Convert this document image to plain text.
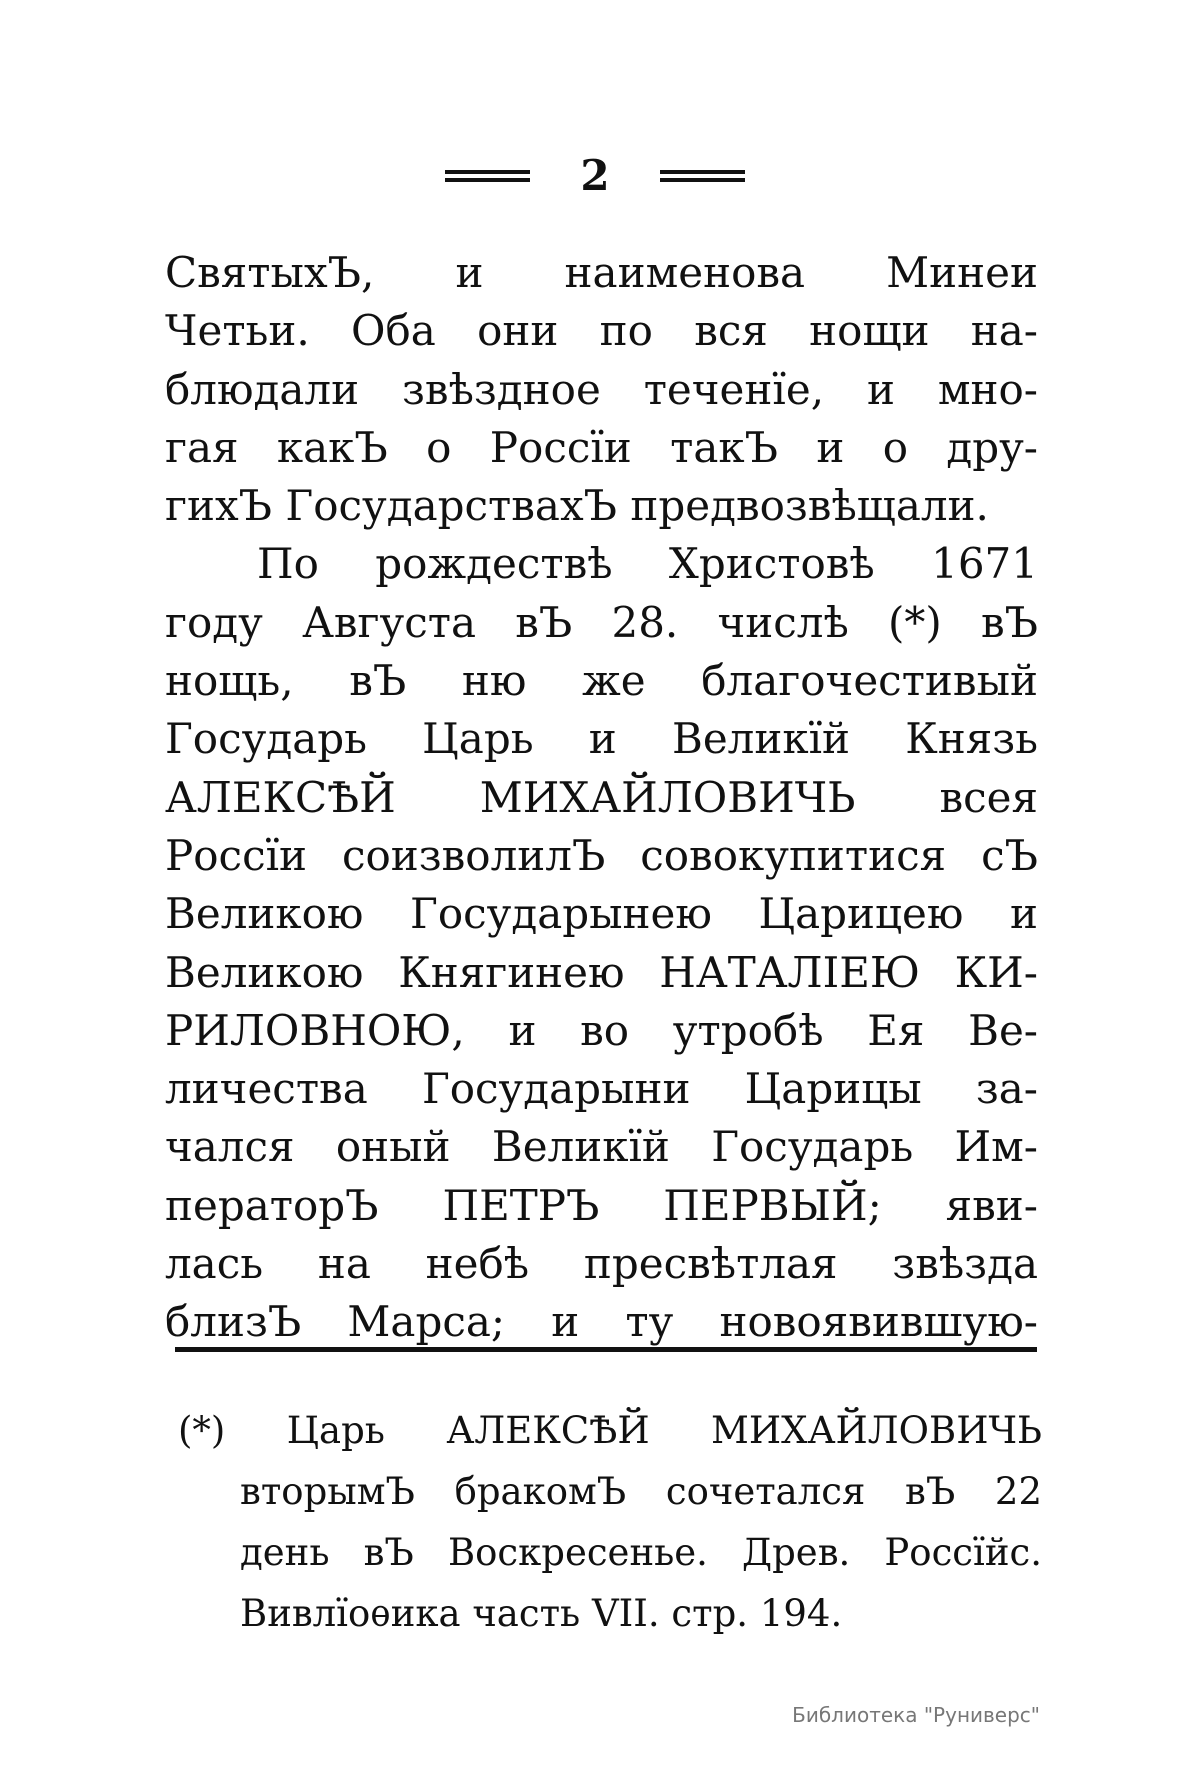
2
СвятыхЪ, и наименова Минеи
Четьи. Оба они по вся нощи на-
блюдали звѣздное теченїе, и мно-
гая какЪ о Россїи такЪ и о дру-
гихЪ ГосударствахЪ предвозвѣщали.
По рождествѣ Христовѣ 1671
году Августа вЪ 28. числѣ (*) вЪ
нощь, вЪ ню же благочестивый
Государь Царь и Великїй Князь
АЛЕКСѢЙ МИХАЙЛОВИЧЬ всея
Россїи соизволилЪ совокупитися сЪ
Великою Государынею Царицею и
Великою Княгинею НАТАЛІЕЮ КИ-
РИЛОВНОЮ, и во утробѣ Ея Ве-
личества Государыни Царицы за-
чался оный Великїй Государь Им-
ператорЪ ПЕТРЪ ПЕРВЫЙ; яви-
лась на небѣ пресвѣтлая звѣзда
близЪ Марса; и ту новоявившую-
(*) Царь АЛЕКСѢЙ МИХАЙЛОВИЧЬ
вторымЪ бракомЪ сочетался вЪ 22
день вЪ Воскресенье. Древ. Россїйс.
Вивлїоѳика часть VII. стр. 194.
Библиотека "Руниверс"
